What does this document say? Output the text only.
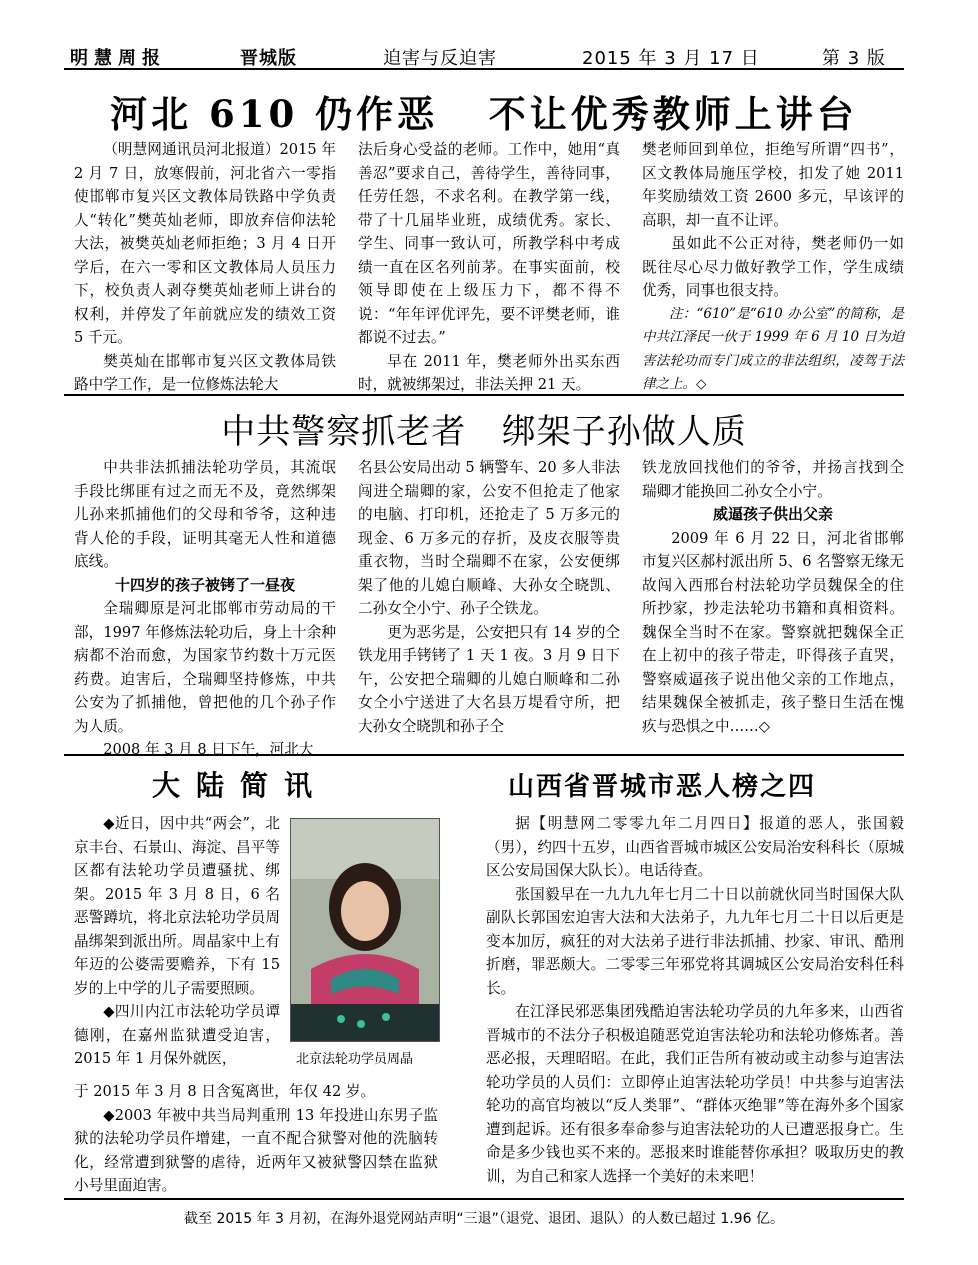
明慧周报	晋城版	迫害与反迫害	2015 年 3 月 17 日	第 3 版
河北 610 仍作恶   不让优秀教师上讲台

（明慧网通讯员河北报道）2015 年 2 月 7 日，放寒假前，河北省六一零指使邯郸市复兴区文教体局铁路中学负责人“转化”樊英灿老师，即放弃信仰法轮大法，被樊英灿老师拒绝；3 月 4 日开学后，在六一零和区文教体局人员压力下，校负责人剥夺樊英灿老师上讲台的权利，并停发了年前就应发的绩效工资 5 千元。

樊英灿在邯郸市复兴区文教体局铁路中学工作，是一位修炼法轮大

法后身心受益的老师。工作中，她用“真善忍”要求自己，善待学生，善待同事，任劳任怨，不求名利。在教学第一线，带了十几届毕业班，成绩优秀。家长、学生、同事一致认可，所教学科中考成绩一直在区名列前茅。在事实面前，校领导即使在上级压力下，都不得不说：“年年评优评先，要不评樊老师，谁都说不过去。”

早在 2011 年，樊老师外出买东西时，就被绑架过，非法关押 21 天。

樊老师回到单位，拒绝写所谓“四书”，区文教体局施压学校，扣发了她 2011 年奖励绩效工资 2600 多元，早该评的高职，却一直不让评。

虽如此不公正对待，樊老师仍一如既往尽心尽力做好教学工作，学生成绩优秀，同事也很支持。

注：“610”是“610 办公室”的简称，是中共江泽民一伙于 1999 年 6 月 10 日为迫害法轮功而专门成立的非法组织，凌驾于法律之上。◇

中共警察抓老者   绑架子孙做人质

中共非法抓捕法轮功学员，其流氓手段比绑匪有过之而无不及，竟然绑架儿孙来抓捕他们的父母和爷爷，这种违背人伦的手段，证明其毫无人性和道德底线。

十四岁的孩子被铐了一昼夜

全瑞卿原是河北邯郸市劳动局的干部，1997 年修炼法轮功后，身上十余种病都不治而愈，为国家节约数十万元医药费。迫害后，仝瑞卿坚持修炼，中共公安为了抓捕他，曾把他的几个孙子作为人质。

2008 年 3 月 8 日下午，河北大

名县公安局出动 5 辆警车、20 多人非法闯进仝瑞卿的家，公安不但抢走了他家的电脑、打印机，还抢走了 5 万多元的现金、6 万多元的存折，及皮衣服等贵重衣物，当时仝瑞卿不在家，公安便绑架了他的儿媳白顺峰、大孙女仝晓凯、二孙女仝小宁、孙子仝铁龙。

更为恶劣是，公安把只有 14 岁的仝铁龙用手铐铐了 1 天 1 夜。3 月 9 日下午，公安把仝瑞卿的儿媳白顺峰和二孙女仝小宁送进了大名县万堤看守所，把大孙女仝晓凯和孙子仝

铁龙放回找他们的爷爷，并扬言找到仝瑞卿才能换回二孙女仝小宁。

威逼孩子供出父亲

2009 年 6 月 22 日，河北省邯郸市复兴区郝村派出所 5、6 名警察无缘无故闯入西邢台村法轮功学员魏保全的住所抄家，抄走法轮功书籍和真相资料。魏保全当时不在家。警察就把魏保全正在上初中的孩子带走，吓得孩子直哭，警察威逼孩子说出他父亲的工作地点，结果魏保全被抓走，孩子整日生活在愧疚与恐惧之中……◇

大陆简讯

◆近日，因中共“两会”，北京丰台、石景山、海淀、昌平等区都有法轮功学员遭骚扰、绑架。2015 年 3 月 8 日，6 名恶警蹲坑，将北京法轮功学员周晶绑架到派出所。周晶家中上有年迈的公婆需要赡养，下有 15 岁的上中学的儿子需要照顾。

◆四川内江市法轮功学员谭德刚，在嘉州监狱遭受迫害，2015 年 1 月保外就医，	北京法轮功学员周晶

于 2015 年 3 月 8 日含冤离世，年仅 42 岁。

◆2003 年被中共当局判重刑 13 年投进山东男子监狱的法轮功学员仵增建，一直不配合狱警对他的洗脑转化，经常遭到狱警的虐待，近两年又被狱警囚禁在监狱小号里面迫害。

山西省晋城市恶人榜之四

据【明慧网二零零九年二月四日】报道的恶人，张国毅（男），约四十五岁，山西省晋城市城区公安局治安科科长（原城区公安局国保大队长）。电话待查。

张国毅早在一九九九年七月二十日以前就伙同当时国保大队副队长郭国宏迫害大法和大法弟子，九九年七月二十日以后更是变本加厉，疯狂的对大法弟子进行非法抓捕、抄家、审讯、酷刑折磨，罪恶颇大。二零零三年邪党将其调城区公安局治安科任科长。

在江泽民邪恶集团残酷迫害法轮功学员的九年多来，山西省晋城市的不法分子积极追随恶党迫害法轮功和法轮功修炼者。善恶必报，天理昭昭。在此，我们正告所有被动或主动参与迫害法轮功学员的人员们：立即停止迫害法轮功学员！中共参与迫害法轮功的高官均被以“反人类罪”、“群体灭绝罪”等在海外多个国家遭到起诉。还有很多奉命参与迫害法轮功的人已遭恶报身亡。生命是多少钱也买不来的。恶报来时谁能替你承担？吸取历史的教训，为自己和家人选择一个美好的未来吧！

截至 2015 年 3 月初，在海外退党网站声明“三退”（退党、退团、退队）的人数已超过 1.96 亿。
